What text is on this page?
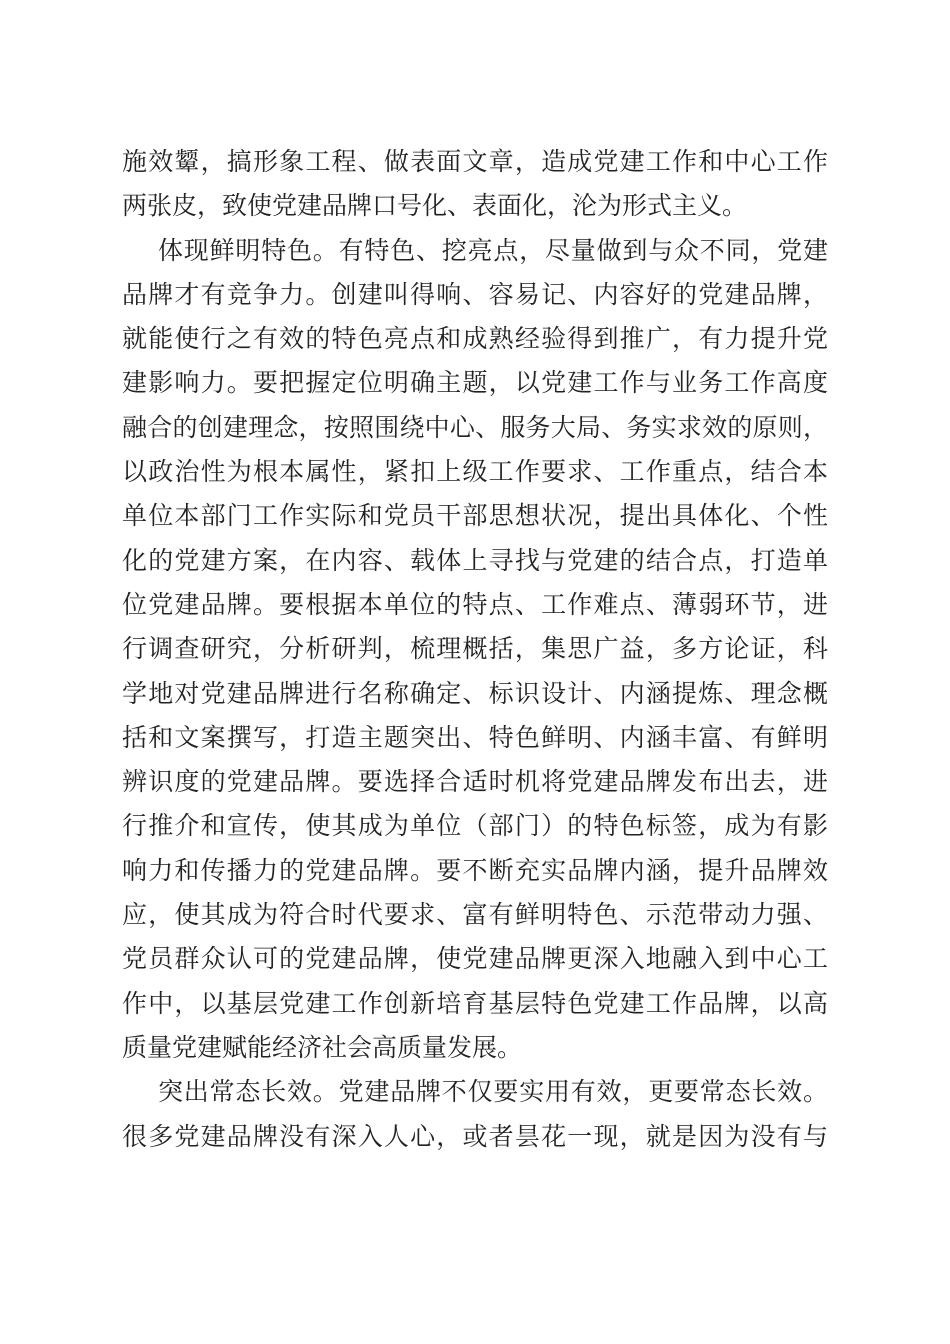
施效颦，搞形象工程、做表面文章，造成党建工作和中心工作
两张皮，致使党建品牌口号化、表面化，沦为形式主义。
体现鲜明特色。有特色、挖亮点，尽量做到与众不同，党建
品牌才有竞争力。创建叫得响、容易记、内容好的党建品牌，
就能使行之有效的特色亮点和成熟经验得到推广，有力提升党
建影响力。要把握定位明确主题，以党建工作与业务工作高度
融合的创建理念，按照围绕中心、服务大局、务实求效的原则，
以政治性为根本属性，紧扣上级工作要求、工作重点，结合本
单位本部门工作实际和党员干部思想状况，提出具体化、个性
化的党建方案，在内容、载体上寻找与党建的结合点，打造单
位党建品牌。要根据本单位的特点、工作难点、薄弱环节，进
行调查研究，分析研判，梳理概括，集思广益，多方论证，科
学地对党建品牌进行名称确定、标识设计、内涵提炼、理念概
括和文案撰写，打造主题突出、特色鲜明、内涵丰富、有鲜明
辨识度的党建品牌。要选择合适时机将党建品牌发布出去，进
行推介和宣传，使其成为单位（部门）的特色标签，成为有影
响力和传播力的党建品牌。要不断充实品牌内涵，提升品牌效
应，使其成为符合时代要求、富有鲜明特色、示范带动力强、
党员群众认可的党建品牌，使党建品牌更深入地融入到中心工
作中，以基层党建工作创新培育基层特色党建工作品牌，以高
质量党建赋能经济社会高质量发展。
突出常态长效。党建品牌不仅要实用有效，更要常态长效。
很多党建品牌没有深入人心，或者昙花一现，就是因为没有与
